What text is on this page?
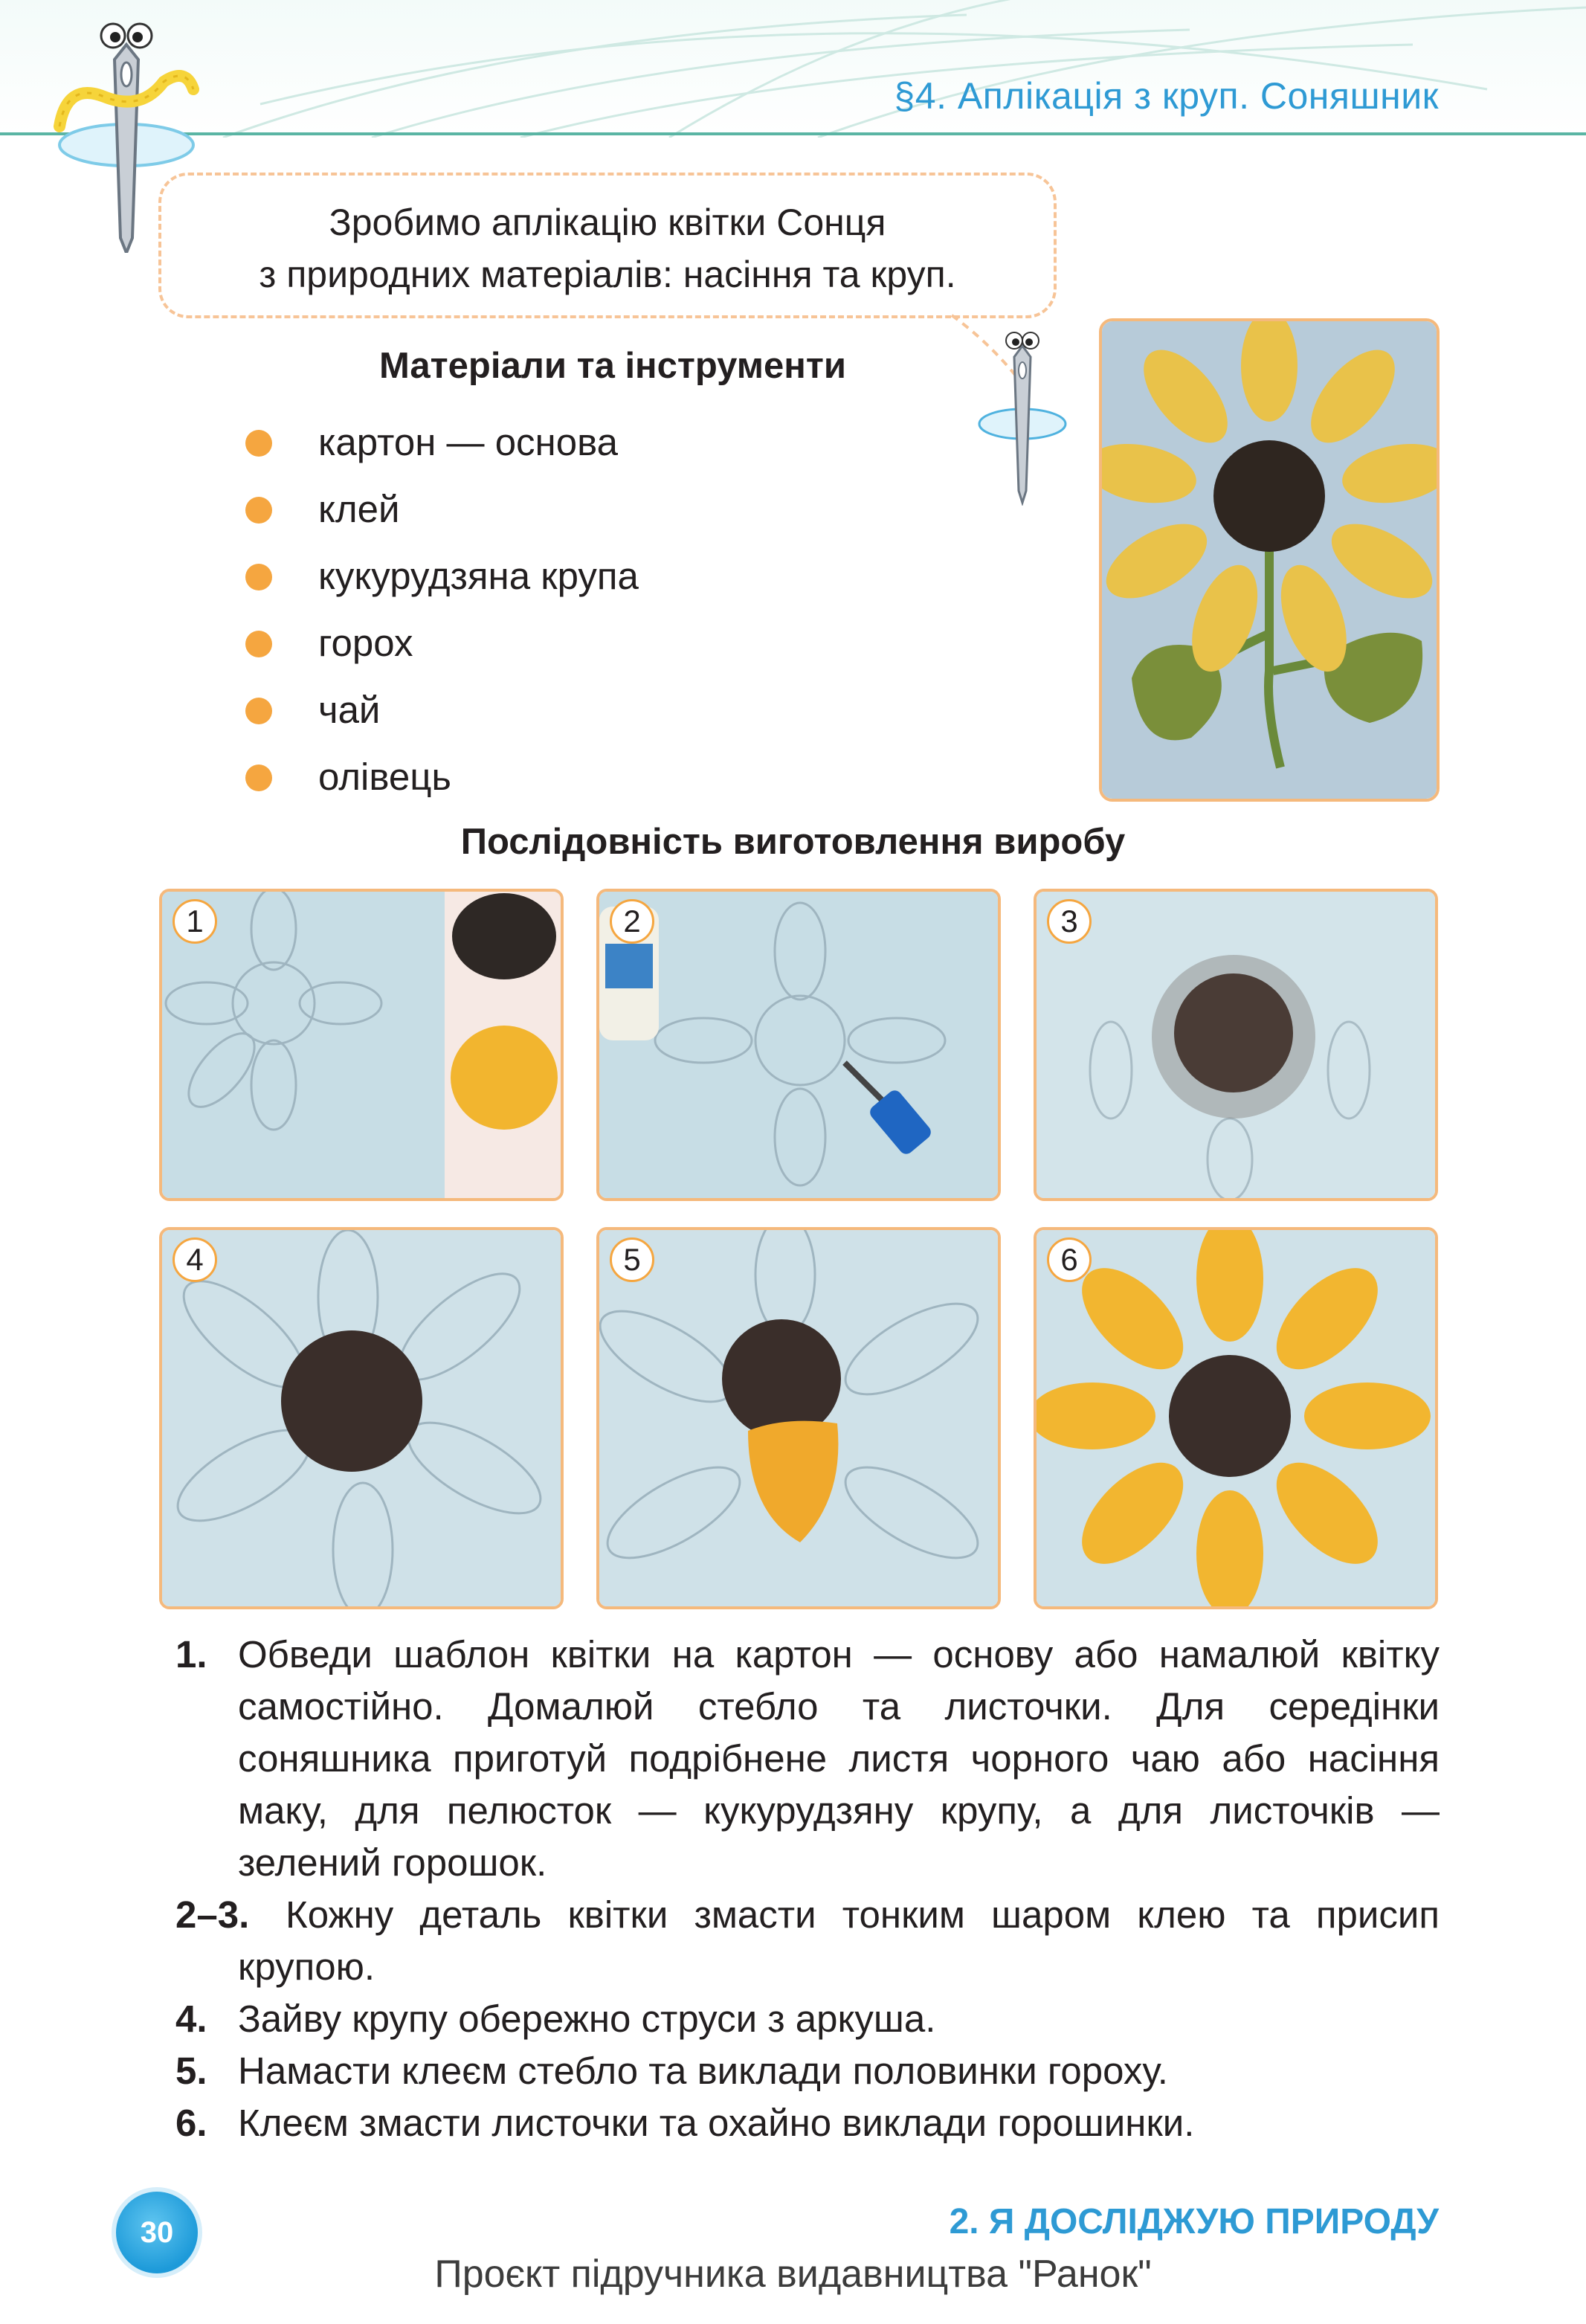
§4. Аплікація з круп. Соняшник
Зробимо аплікацію квітки Сонця
з природних матеріалів: насіння та круп.
Матеріали та інструменти
картон — основа
клей
кукурудзяна крупа
горох
чай
олівець
Послідовність виготовлення виробу
1	2	3
4	5	6
1. Обведи шаблон квітки на картон — основу або намалюй квітку самостійно. Домалюй стебло та листочки. Для середінки соняшника приготуй подрібнене листя чорного чаю або насіння маку, для пелюсток — кукурудзяну крупу, а для листочків — зелений горошок.
2–3. Кожну деталь квітки змасти тонким шаром клею та присип крупою.
4. Зайву крупу обережно струси з аркуша.
5. Намасти клеєм стебло та виклади половинки гороху.
6. Клеєм змасти листочки та охайно виклади горошинки.
30	2. Я ДОСЛІДЖУЮ ПРИРОДУ
Проєкт підручника видавництва "Ранок"
